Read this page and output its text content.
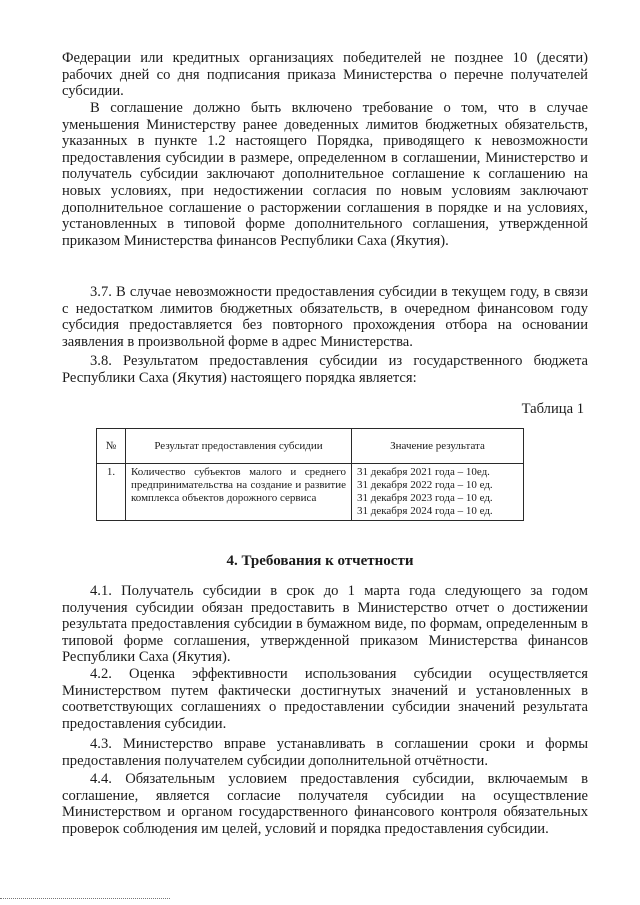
Федерации или кредитных организациях победителей не позднее 10 (десяти) рабочих дней со дня подписания приказа Министерства о перечне получателей субсидии.

В соглашение должно быть включено требование о том, что в случае уменьшения Министерству ранее доведенных лимитов бюджетных обязательств, указанных в пункте 1.2 настоящего Порядка, приводящего к невозможности предоставления субсидии в размере, определенном в соглашении, Министерство и получатель субсидии заключают дополнительное соглашение к соглашению на новых условиях, при недостижении согласия по новым условиям заключают дополнительное соглашение о расторжении соглашения в порядке и на условиях, установленных в типовой форме дополнительного соглашения, утвержденной приказом Министерства финансов Республики Саха (Якутия).

3.7. В случае невозможности предоставления субсидии в текущем году, в связи с недостатком лимитов бюджетных обязательств, в очередном финансовом году субсидия предоставляется без повторного прохождения отбора на основании заявления в произвольной форме в адрес Министерства.

3.8. Результатом предоставления субсидии из государственного бюджета Республики Саха (Якутия) настоящего порядка является:

Таблица 1
№	Результат предоставления субсидии	Значение результата
1.	Количество субъектов малого и среднего предпринимательства на создание и развитие комплекса объектов дорожного сервиса	31 декабря 2021 года – 10ед.
31 декабря 2022 года – 10 ед.
31 декабря 2023 года – 10 ед.
31 декабря 2024 года – 10 ед.
4. Требования к отчетности

4.1. Получатель субсидии в срок до 1 марта года следующего за годом получения субсидии обязан предоставить в Министерство отчет о достижении результата предоставления субсидии в бумажном виде, по формам, определенным в типовой форме соглашения, утвержденной приказом Министерства финансов Республики Саха (Якутия).

4.2. Оценка эффективности использования субсидии осуществляется Министерством путем фактически достигнутых значений и установленных в соответствующих соглашениях о предоставлении субсидии значений результата предоставления субсидии.

4.3. Министерство вправе устанавливать в соглашении сроки и формы предоставления получателем субсидии дополнительной отчётности.

4.4. Обязательным условием предоставления субсидии, включаемым в соглашение, является согласие получателя субсидии на осуществление Министерством и органом государственного финансового контроля обязательных проверок соблюдения им целей, условий и порядка предоставления субсидии.
